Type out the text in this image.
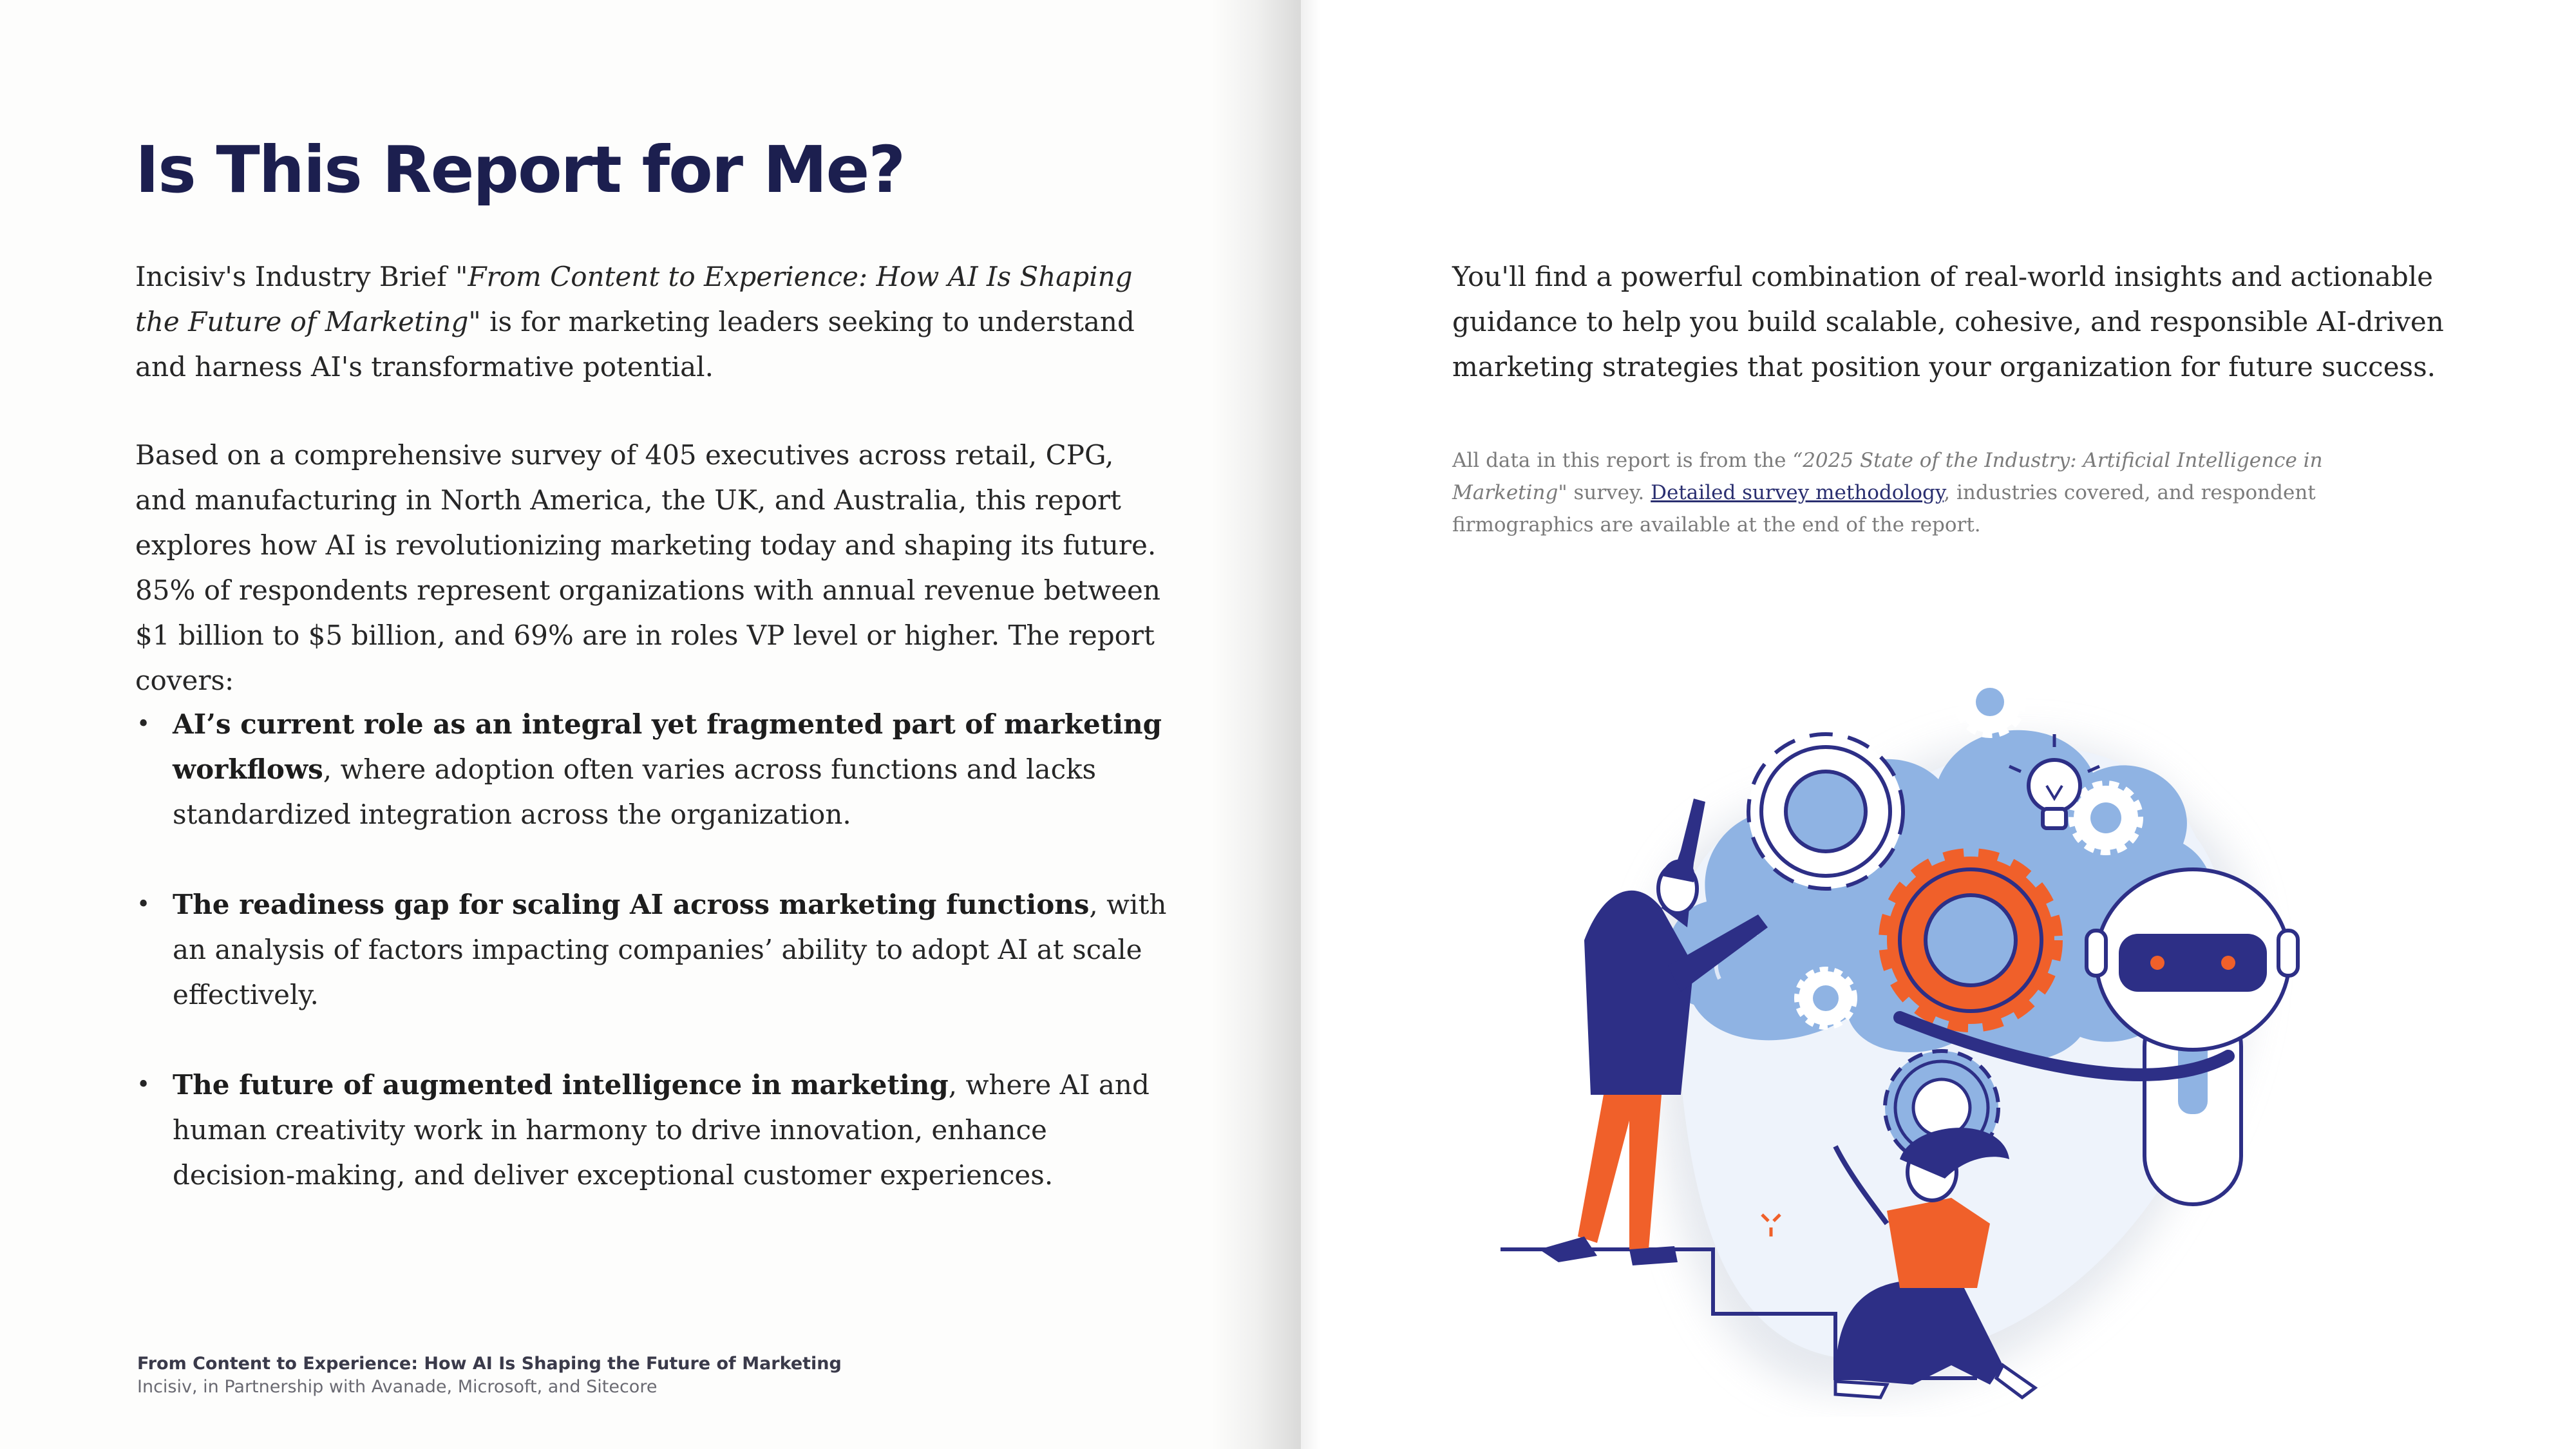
Is This Report for Me?

Incisiv's Industry Brief "From Content to Experience: How AI Is Shaping the Future of Marketing" is for marketing leaders seeking to understand and harness AI's transformative potential.

Based on a comprehensive survey of 405 executives across retail, CPG, and manufacturing in North America, the UK, and Australia, this report explores how AI is revolutionizing marketing today and shaping its future. 85% of respondents represent organizations with annual revenue between $1 billion to $5 billion, and 69% are in roles VP level or higher. The report covers:

• AI’s current role as an integral yet fragmented part of marketing workflows, where adoption often varies across functions and lacks standardized integration across the organization.
• The readiness gap for scaling AI across marketing functions, with an analysis of factors impacting companies’ ability to adopt AI at scale effectively.
• The future of augmented intelligence in marketing, where AI and human creativity work in harmony to drive innovation, enhance decision-making, and deliver exceptional customer experiences.
From Content to Experience: How AI Is Shaping the Future of Marketing
Incisiv, in Partnership with Avanade, Microsoft, and Sitecore

You'll find a powerful combination of real-world insights and actionable guidance to help you build scalable, cohesive, and responsible AI-driven marketing strategies that position your organization for future success.

All data in this report is from the “2025 State of the Industry: Artificial Intelligence in Marketing" survey. Detailed survey methodology, industries covered, and respondent firmographics are available at the end of the report.
